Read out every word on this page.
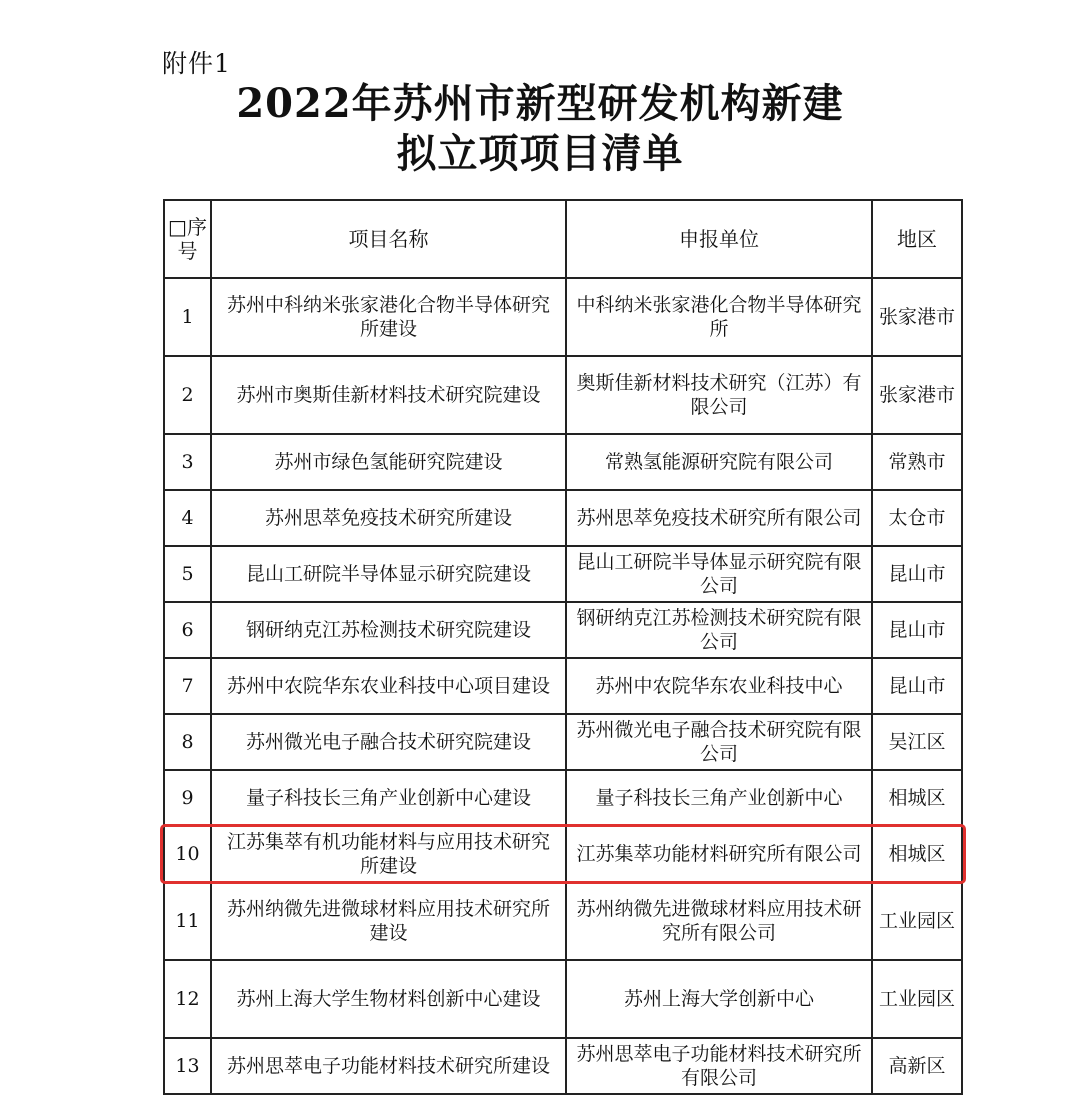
附件1
2022年苏州市新型研发机构新建
拟立项项目清单
□序号	项目名称	申报单位	地区
1	苏州中科纳米张家港化合物半导体研究所建设	中科纳米张家港化合物半导体研究所	张家港市
2	苏州市奥斯佳新材料技术研究院建设	奥斯佳新材料技术研究（江苏）有限公司	张家港市
3	苏州市绿色氢能研究院建设	常熟氢能源研究院有限公司	常熟市
4	苏州思萃免疫技术研究所建设	苏州思萃免疫技术研究所有限公司	太仓市
5	昆山工研院半导体显示研究院建设	昆山工研院半导体显示研究院有限公司	昆山市
6	钢研纳克江苏检测技术研究院建设	钢研纳克江苏检测技术研究院有限公司	昆山市
7	苏州中农院华东农业科技中心项目建设	苏州中农院华东农业科技中心	昆山市
8	苏州微光电子融合技术研究院建设	苏州微光电子融合技术研究院有限公司	吴江区
9	量子科技长三角产业创新中心建设	量子科技长三角产业创新中心	相城区
10	江苏集萃有机功能材料与应用技术研究所建设	江苏集萃功能材料研究所有限公司	相城区
11	苏州纳微先进微球材料应用技术研究所建设	苏州纳微先进微球材料应用技术研究所有限公司	工业园区
12	苏州上海大学生物材料创新中心建设	苏州上海大学创新中心	工业园区
13	苏州思萃电子功能材料技术研究所建设	苏州思萃电子功能材料技术研究所有限公司	高新区
